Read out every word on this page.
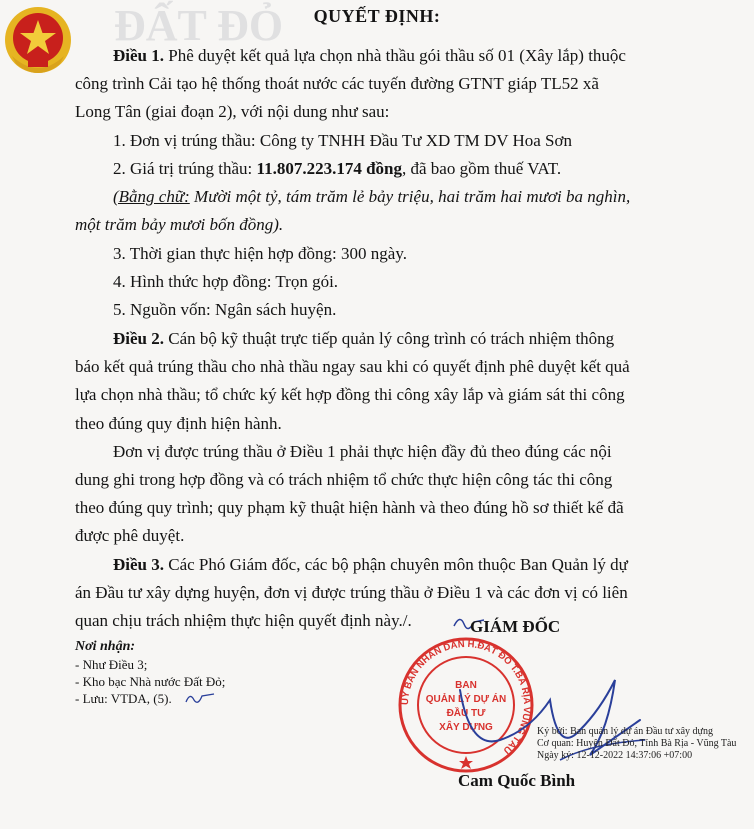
ĐẤT ĐỎ	QUYẾT ĐỊNH:
Điều 1. Phê duyệt kết quả lựa chọn nhà thầu gói thầu số 01 (Xây lắp) thuộc
công trình Cải tạo hệ thống thoát nước các tuyến đường GTNT giáp TL52 xã
Long Tân (giai đoạn 2), với nội dung như sau:
1. Đơn vị trúng thầu: Công ty TNHH Đầu Tư XD TM DV Hoa Sơn
2. Giá trị trúng thầu: 11.807.223.174 đồng, đã bao gồm thuế VAT.
(Bằng chữ: Mười một tỷ, tám trăm lẻ bảy triệu, hai trăm hai mươi ba nghìn,
một trăm bảy mươi bốn đồng).
3. Thời gian thực hiện hợp đồng: 300 ngày.
4. Hình thức hợp đồng: Trọn gói.
5. Nguồn vốn: Ngân sách huyện.
Điều 2. Cán bộ kỹ thuật trực tiếp quản lý công trình có trách nhiệm thông
báo kết quả trúng thầu cho nhà thầu ngay sau khi có quyết định phê duyệt kết quả
lựa chọn nhà thầu; tổ chức ký kết hợp đồng thi công xây lắp và giám sát thi công
theo đúng quy định hiện hành.
Đơn vị được trúng thầu ở Điều 1 phải thực hiện đầy đủ theo đúng các nội
dung ghi trong hợp đồng và có trách nhiệm tổ chức thực hiện công tác thi công
theo đúng quy trình; quy phạm kỹ thuật hiện hành và theo đúng hồ sơ thiết kế đã
được phê duyệt.
Điều 3. Các Phó Giám đốc, các bộ phận chuyên môn thuộc Ban Quản lý dự
án Đầu tư xây dựng huyện, đơn vị được trúng thầu ở Điều 1 và các đơn vị có liên
quan chịu trách nhiệm thực hiện quyết định này./.
Nơi nhận:
- Như Điều 3;
- Kho bạc Nhà nước Đất Đỏ;
- Lưu: VTDA, (5).
GIÁM ĐỐC
UY BAN NHÂN DÂN H.ĐẤT ĐỎ T.BÀ RỊA VŨNG TÀU
BAN
QUẢN LÝ DỰ ÁN
ĐẦU TƯ
XÂY DỰNG	Ký bởi: Ban quản lý dự án Đầu tư xây dựng
Cơ quan: Huyện Đất Đỏ, Tỉnh Bà Rịa - Vũng Tàu
Ngày ký: 12-12-2022 14:37:06 +07:00
Cam Quốc Bình
